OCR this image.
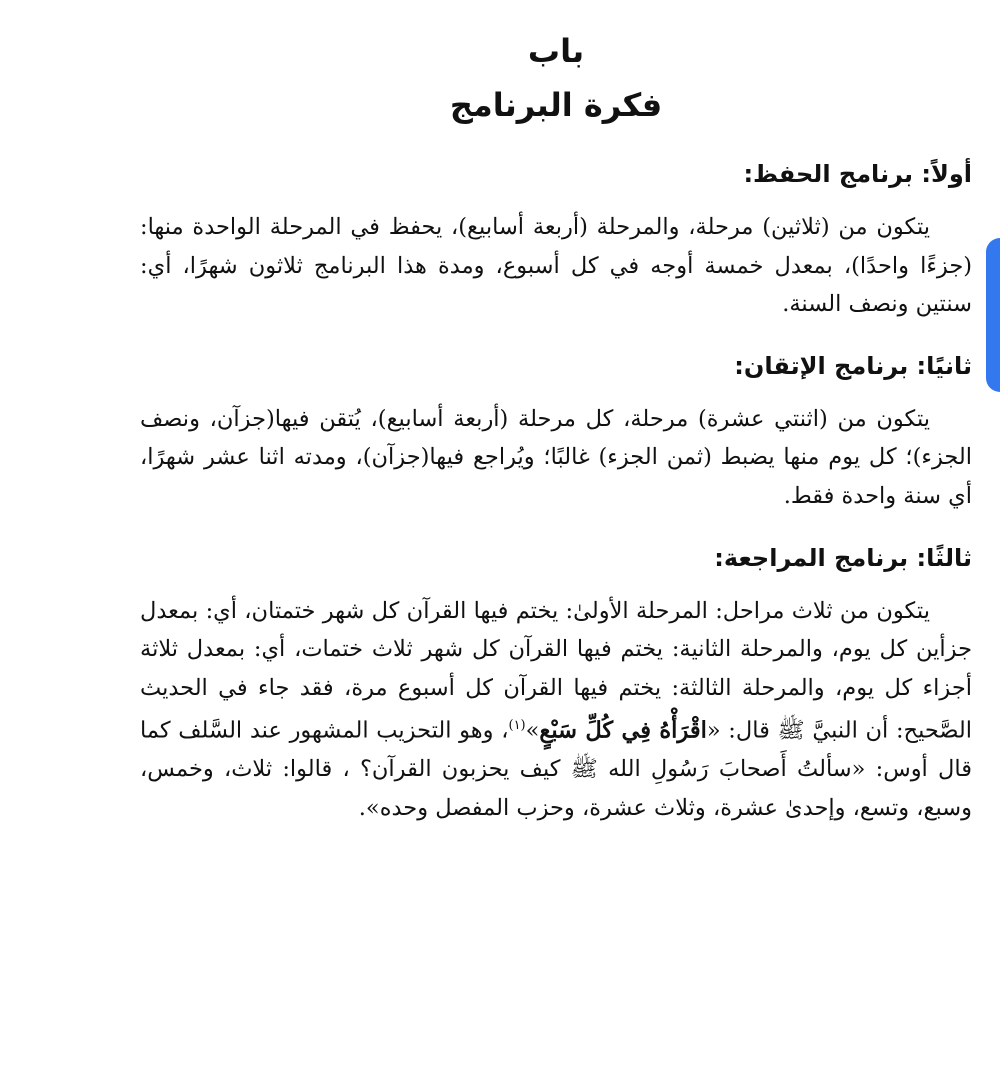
باب
فكرة البرنامج
أولاً: برنامج الحفظ:

يتكون من (ثلاثين) مرحلة، والمرحلة (أربعة أسابيع)، يحفظ في المرحلة الواحدة منها: (جزءًا واحدًا)، بمعدل خمسة أوجه في كل أسبوع، ومدة هذا البرنامج ثلاثون شهرًا، أي: سنتين ونصف السنة.

ثانيًا: برنامج الإتقان:

يتكون من (اثنتي عشرة) مرحلة، كل مرحلة (أربعة أسابيع)، يُتقن فيها(جزآن، ونصف الجزء)؛ كل يوم منها يضبط (ثمن الجزء) غالبًا؛ ويُراجع فيها(جزآن)، ومدته اثنا عشر شهرًا، أي سنة واحدة فقط.

ثالثًا: برنامج المراجعة:

يتكون من ثلاث مراحل: المرحلة الأولىٰ: يختم فيها القرآن كل شهر ختمتان، أي: بمعدل جزأين كل يوم، والمرحلة الثانية: يختم فيها القرآن كل شهر ثلاث ختمات، أي: بمعدل ثلاثة أجزاء كل يوم، والمرحلة الثالثة: يختم فيها القرآن كل أسبوع مرة، فقد جاء في الحديث الصَّحيح: أن النبيَّ ﷺ قال: «اقْرَأْهُ فِي كُلِّ سَبْعٍ»$^{(١)}$، وهو التحزيب المشهور عند السَّلف كما قال أوس: «سألتُ أَصحابَ رَسُولِ الله ﷺ كيف يحزبون القرآن؟ ، قالوا: ثلاث، وخمس، وسبع، وتسع، وإحدىٰ عشرة، وثلاث عشرة، وحزب المفصل وحده».
